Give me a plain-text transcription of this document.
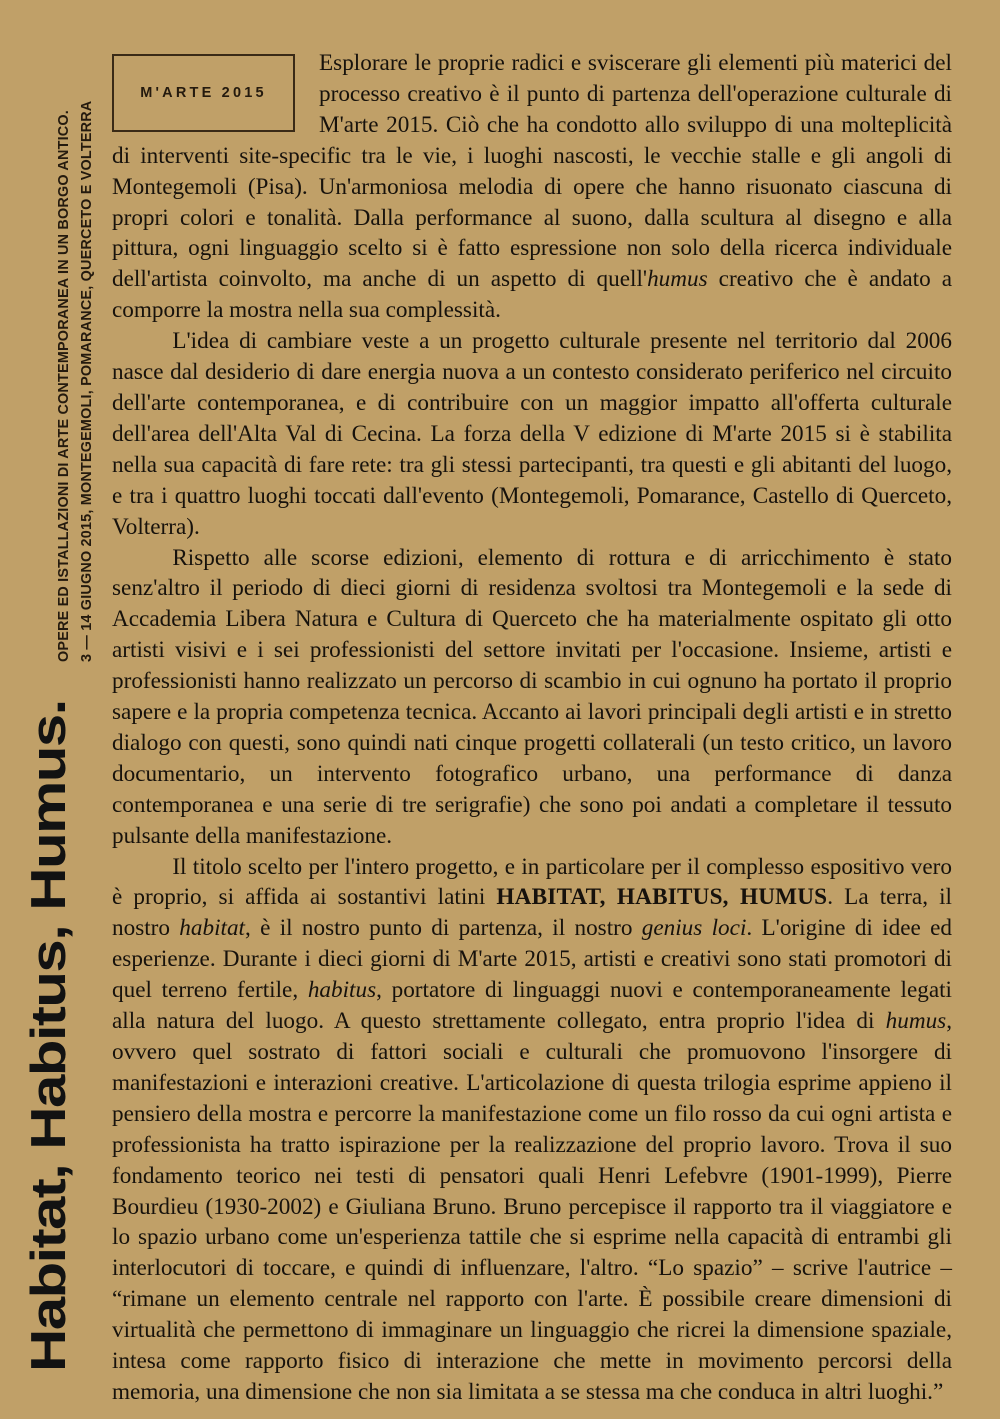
OPERE ED ISTALLAZIONI DI ARTE CONTEMPORANEA IN UN BORGO ANTICO. 3 — 14 GIUGNO 2015, MONTEGEMOLI, POMARANCE, QUERCETO E VOLTERRA
Habitat, Habitus, Humus.
M'ARTE 2015

Esplorare le proprie radici e sviscerare gli elementi più materici del processo creativo è il punto di partenza dell'operazione culturale di M'arte 2015. Ciò che ha condotto allo sviluppo di una molteplicità di interventi site-specific tra le vie, i luoghi nascosti, le vecchie stalle e gli angoli di Montegemoli (Pisa). Un'armoniosa melodia di opere che hanno risuonato ciascuna di propri colori e tonalità. Dalla performance al suono, dalla scultura al disegno e alla pittura, ogni linguaggio scelto si è fatto espressione non solo della ricerca individuale dell'artista coinvolto, ma anche di un aspetto di quell'humus creativo che è andato a comporre la mostra nella sua complessità.

L'idea di cambiare veste a un progetto culturale presente nel territorio dal 2006 nasce dal desiderio di dare energia nuova a un contesto considerato periferico nel circuito dell'arte contemporanea, e di contribuire con un maggior impatto all'offerta culturale dell'area dell'Alta Val di Cecina. La forza della V edizione di M'arte 2015 si è stabilita nella sua capacità di fare rete: tra gli stessi partecipanti, tra questi e gli abitanti del luogo, e tra i quattro luoghi toccati dall'evento (Montegemoli, Pomarance, Castello di Querceto, Volterra).

Rispetto alle scorse edizioni, elemento di rottura e di arricchimento è stato senz'altro il periodo di dieci giorni di residenza svoltosi tra Montegemoli e la sede di Accademia Libera Natura e Cultura di Querceto che ha materialmente ospitato gli otto artisti visivi e i sei professionisti del settore invitati per l'occasione. Insieme, artisti e professionisti hanno realizzato un percorso di scambio in cui ognuno ha portato il proprio sapere e la propria competenza tecnica. Accanto ai lavori principali degli artisti e in stretto dialogo con questi, sono quindi nati cinque progetti collaterali (un testo critico, un lavoro documentario, un intervento fotografico urbano, una performance di danza contemporanea e una serie di tre serigrafie) che sono poi andati a completare il tessuto pulsante della manifestazione.

Il titolo scelto per l'intero progetto, e in particolare per il complesso espositivo vero è proprio, si affida ai sostantivi latini HABITAT, HABITUS, HUMUS. La terra, il nostro habitat, è il nostro punto di partenza, il nostro genius loci. L'origine di idee ed esperienze. Durante i dieci giorni di M'arte 2015, artisti e creativi sono stati promotori di quel terreno fertile, habitus, portatore di linguaggi nuovi e contemporaneamente legati alla natura del luogo. A questo strettamente collegato, entra proprio l'idea di humus, ovvero quel sostrato di fattori sociali e culturali che promuovono l'insorgere di manifestazioni e interazioni creative. L'articolazione di questa trilogia esprime appieno il pensiero della mostra e percorre la manifestazione come un filo rosso da cui ogni artista e professionista ha tratto ispirazione per la realizzazione del proprio lavoro. Trova il suo fondamento teorico nei testi di pensatori quali Henri Lefebvre (1901-1999), Pierre Bourdieu (1930-2002) e Giuliana Bruno. Bruno percepisce il rapporto tra il viaggiatore e lo spazio urbano come un'esperienza tattile che si esprime nella capacità di entrambi gli interlocutori di toccare, e quindi di influenzare, l'altro. “Lo spazio” – scrive l'autrice – “rimane un elemento centrale nel rapporto con l'arte. È possibile creare dimensioni di virtualità che permettono di immaginare un linguaggio che ricrei la dimensione spaziale, intesa come rapporto fisico di interazione che mette in movimento percorsi della memoria, una dimensione che non sia limitata a se stessa ma che conduca in altri luoghi.”
